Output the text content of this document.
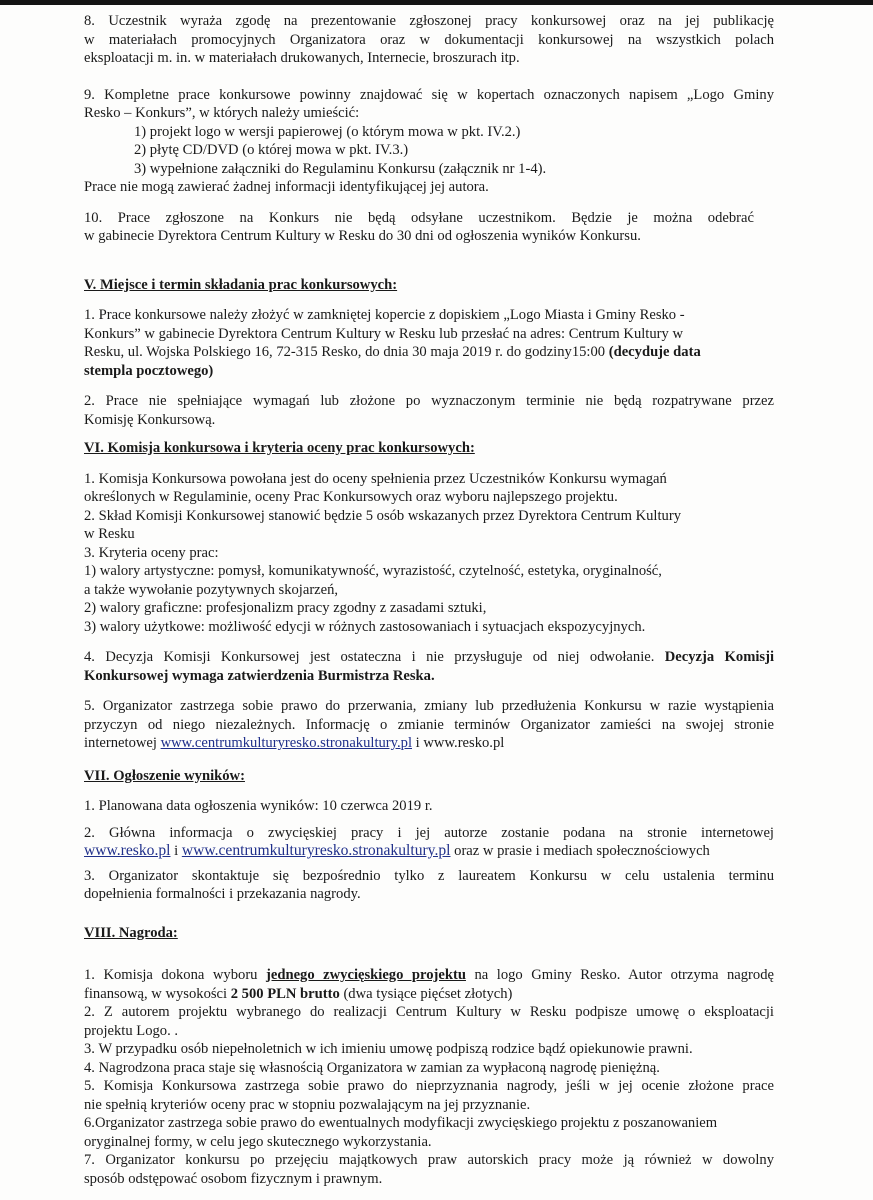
8. Uczestnik wyraża zgodę na prezentowanie zgłoszonej pracy konkursowej oraz na jej publikację

w materiałach promocyjnych Organizatora oraz w dokumentacji konkursowej na wszystkich polach

eksploatacji m. in. w materiałach drukowanych, Internecie, broszurach itp.

9. Kompletne prace konkursowe powinny znajdować się w kopertach oznaczonych napisem „Logo Gminy

Resko – Konkurs”, w których należy umieścić:

1) projekt logo w wersji papierowej (o którym mowa w pkt. IV.2.)

2) płytę CD/DVD (o której mowa w pkt. IV.3.)

3) wypełnione załączniki do Regulaminu Konkursu (załącznik nr 1-4).

Prace nie mogą zawierać żadnej informacji identyfikującej jej autora.

10. Prace zgłoszone na Konkurs nie będą odsyłane uczestnikom. Będzie je można odebrać

w gabinecie Dyrektora Centrum Kultury w Resku do 30 dni od ogłoszenia wyników Konkursu.

V. Miejsce i termin składania prac konkursowych:

1. Prace konkursowe należy złożyć w zamkniętej kopercie z dopiskiem „Logo Miasta i Gminy Resko -

Konkurs” w gabinecie Dyrektora Centrum Kultury w Resku lub przesłać na adres: Centrum Kultury w

Resku, ul. Wojska Polskiego 16, 72-315 Resko, do dnia 30 maja 2019 r. do godziny15:00 (decyduje data

stempla pocztowego)

2. Prace nie spełniające wymagań lub złożone po wyznaczonym terminie nie będą rozpatrywane przez

Komisję Konkursową.

VI. Komisja konkursowa i kryteria oceny prac konkursowych:

1. Komisja Konkursowa powołana jest do oceny spełnienia przez Uczestników Konkursu wymagań

określonych w Regulaminie, oceny Prac Konkursowych oraz wyboru najlepszego projektu.

2. Skład Komisji Konkursowej stanowić będzie 5 osób wskazanych przez Dyrektora Centrum Kultury

w Resku

3. Kryteria oceny prac:

1) walory artystyczne: pomysł, komunikatywność, wyrazistość, czytelność, estetyka, oryginalność,

a także wywołanie pozytywnych skojarzeń,

2) walory graficzne: profesjonalizm pracy zgodny z zasadami sztuki,

3) walory użytkowe: możliwość edycji w różnych zastosowaniach i sytuacjach ekspozycyjnych.

4. Decyzja Komisji Konkursowej jest ostateczna i nie przysługuje od niej odwołanie. Decyzja Komisji

Konkursowej wymaga zatwierdzenia Burmistrza Reska.

5. Organizator zastrzega sobie prawo do przerwania, zmiany lub przedłużenia Konkursu w razie wystąpienia

przyczyn od niego niezależnych. Informację o zmianie terminów Organizator zamieści na swojej stronie

internetowej www.centrumkulturyresko.stronakultury.pl i www.resko.pl

VII. Ogłoszenie wyników:

1. Planowana data ogłoszenia wyników: 10 czerwca 2019 r.

2. Główna informacja o zwycięskiej pracy i jej autorze zostanie podana na stronie internetowej

www.resko.pl i www.centrumkulturyresko.stronakultury.pl oraz w prasie i mediach społecznościowych

3. Organizator skontaktuje się bezpośrednio tylko z laureatem Konkursu w celu ustalenia terminu

dopełnienia formalności i przekazania nagrody.

VIII. Nagroda:

1. Komisja dokona wyboru jednego zwycięskiego projektu na logo Gminy Resko. Autor otrzyma nagrodę

finansową, w wysokości 2 500 PLN brutto (dwa tysiące pięćset złotych)

2. Z autorem projektu wybranego do realizacji Centrum Kultury w Resku podpisze umowę o eksploatacji

projektu Logo. .

3. W przypadku osób niepełnoletnich w ich imieniu umowę podpiszą rodzice bądź opiekunowie prawni.

4. Nagrodzona praca staje się własnością Organizatora w zamian za wypłaconą nagrodę pieniężną.

5. Komisja Konkursowa zastrzega sobie prawo do nieprzyznania nagrody, jeśli w jej ocenie złożone prace

nie spełnią kryteriów oceny prac w stopniu pozwalającym na jej przyznanie.

6.Organizator zastrzega sobie prawo do ewentualnych modyfikacji zwycięskiego projektu z poszanowaniem

oryginalnej formy, w celu jego skutecznego wykorzystania.

7. Organizator konkursu po przejęciu majątkowych praw autorskich pracy może ją również w dowolny

sposób odstępować osobom fizycznym i prawnym.
